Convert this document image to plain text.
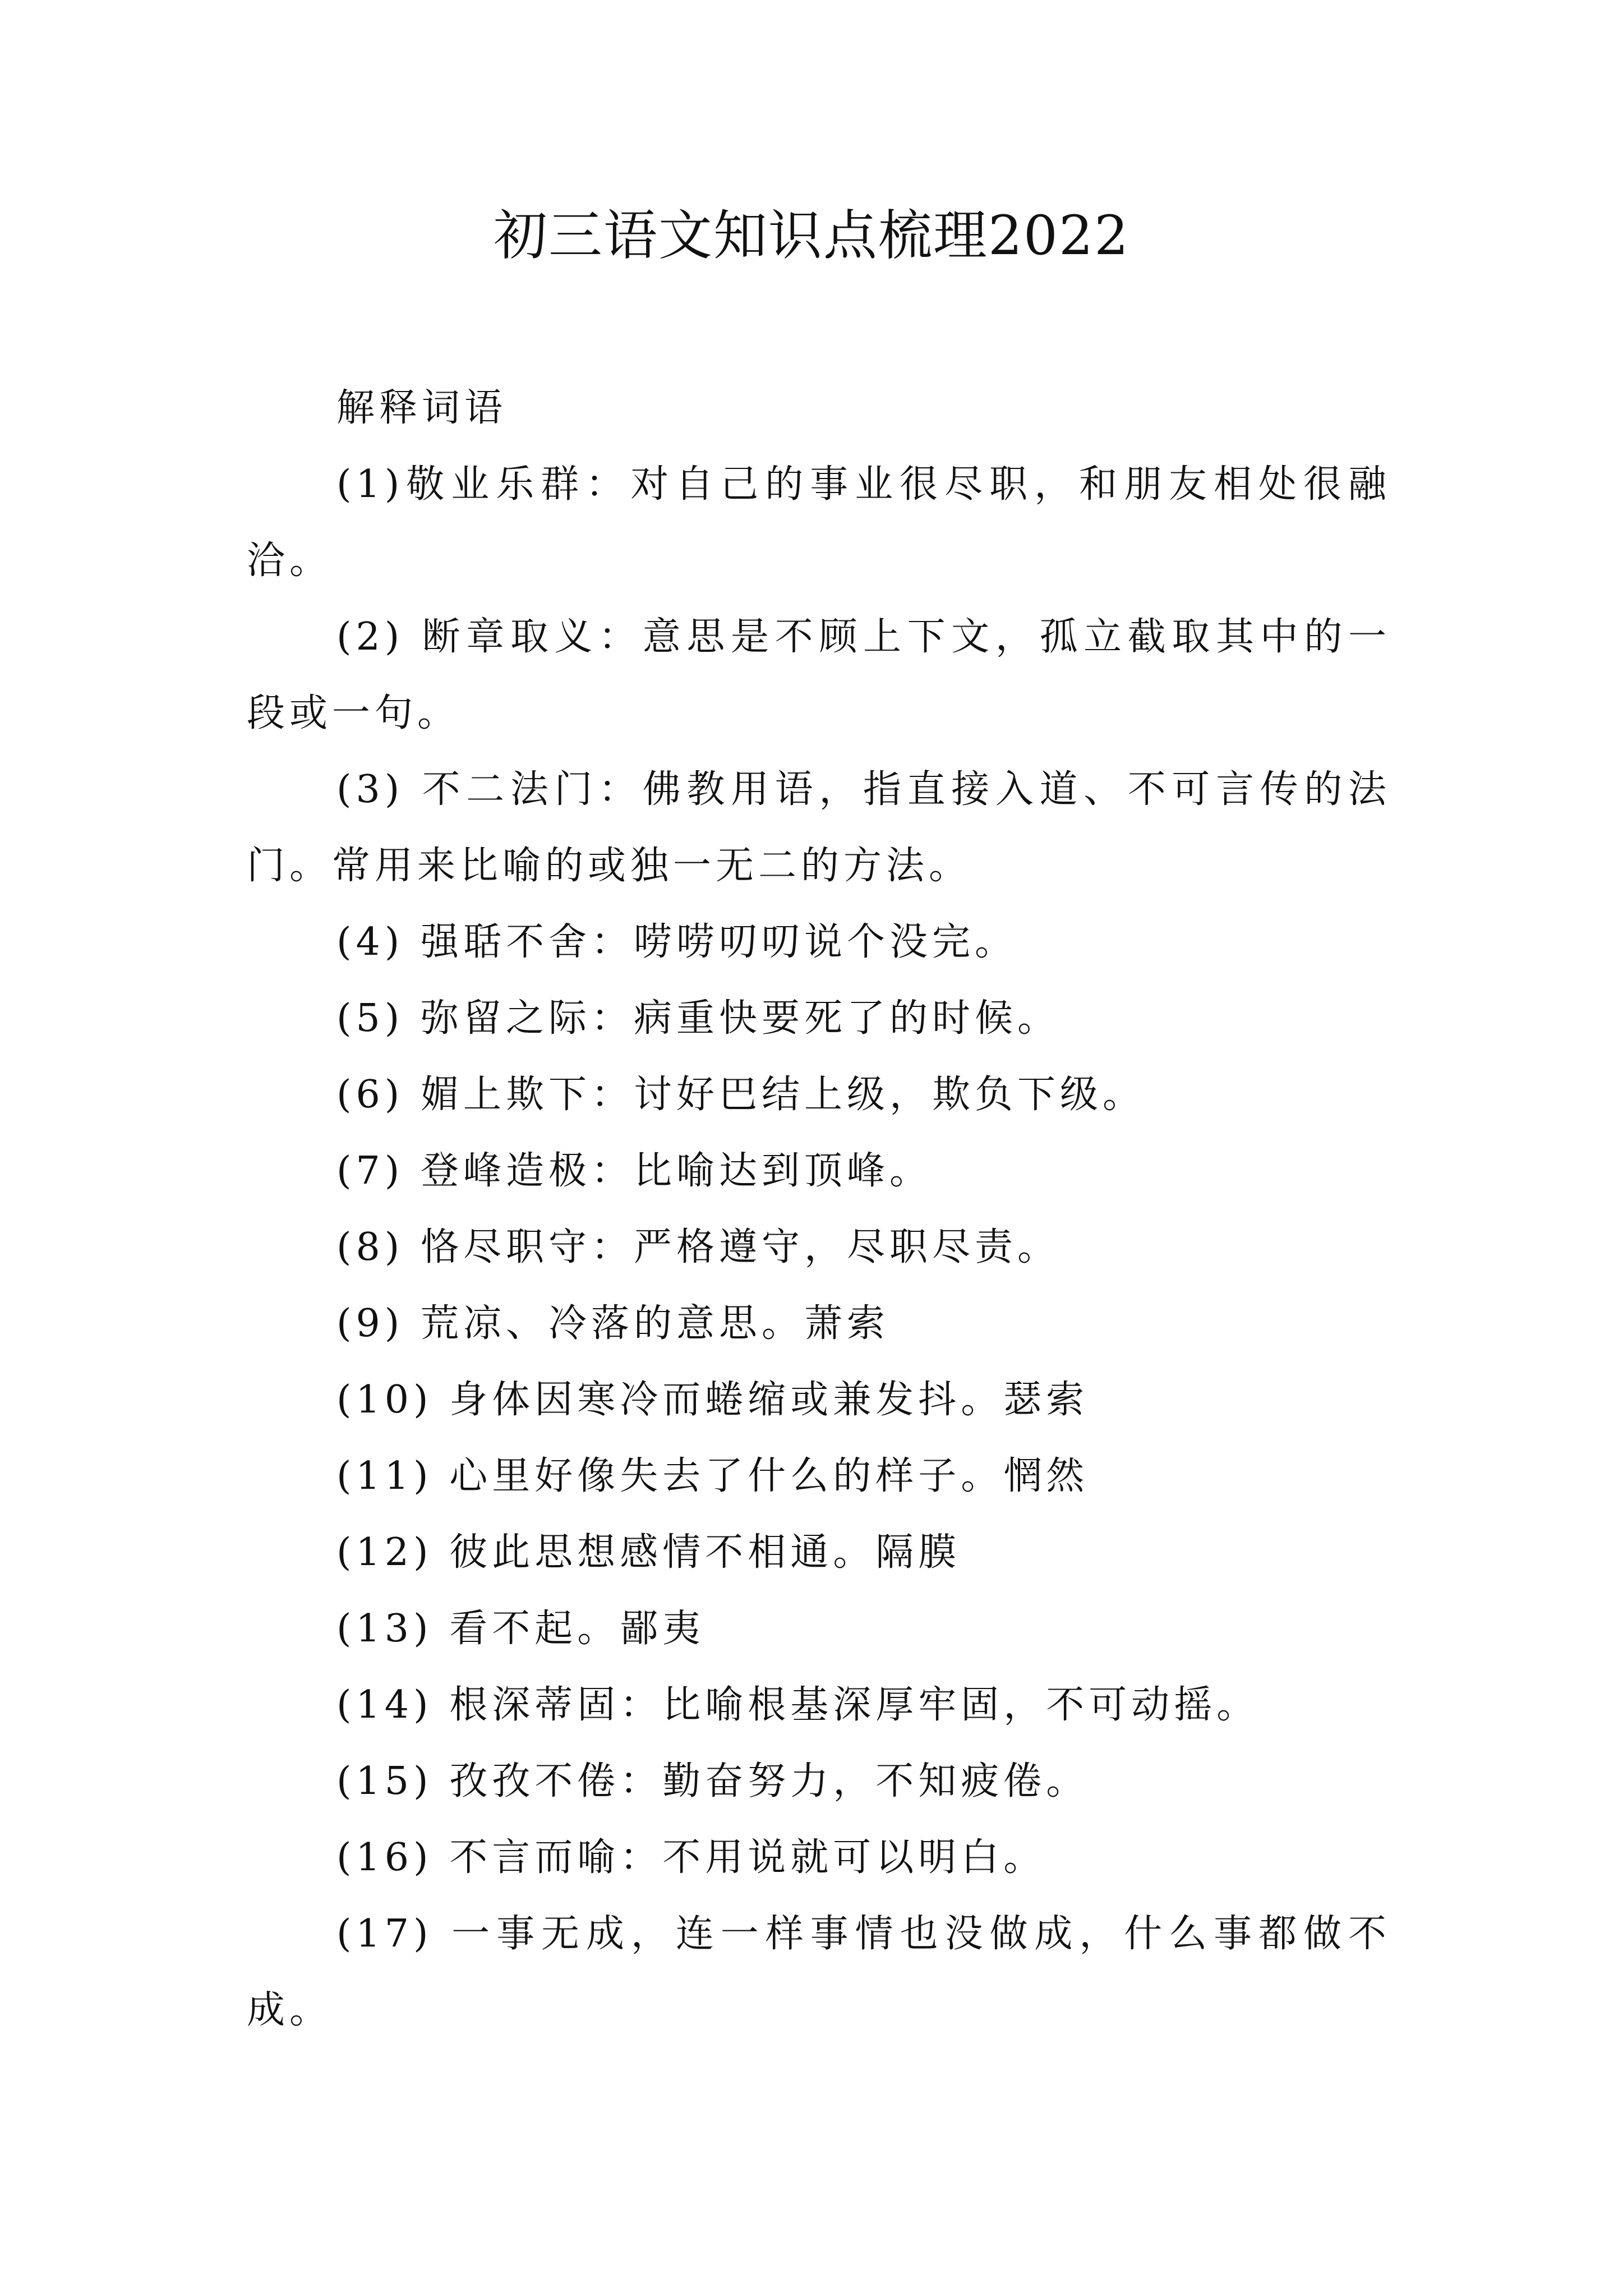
初三语文知识点梳理2022

解释词语

(1)敬业乐群：对自己的事业很尽职，和朋友相处很融洽。

(2) 断章取义：意思是不顾上下文，孤立截取其中的一段或一句。

(3) 不二法门：佛教用语，指直接入道、不可言传的法门。常用来比喻的或独一无二的方法。

(4) 强聒不舍：唠唠叨叨说个没完。

(5) 弥留之际：病重快要死了的时候。

(6) 媚上欺下：讨好巴结上级，欺负下级。

(7) 登峰造极：比喻达到顶峰。

(8) 恪尽职守：严格遵守，尽职尽责。

(9) 荒凉、冷落的意思。萧索

(10) 身体因寒冷而蜷缩或兼发抖。瑟索

(11) 心里好像失去了什么的样子。惘然

(12) 彼此思想感情不相通。隔膜

(13) 看不起。鄙夷

(14) 根深蒂固：比喻根基深厚牢固，不可动摇。

(15) 孜孜不倦：勤奋努力，不知疲倦。

(16) 不言而喻：不用说就可以明白。

(17) 一事无成，连一样事情也没做成，什么事都做不成。
